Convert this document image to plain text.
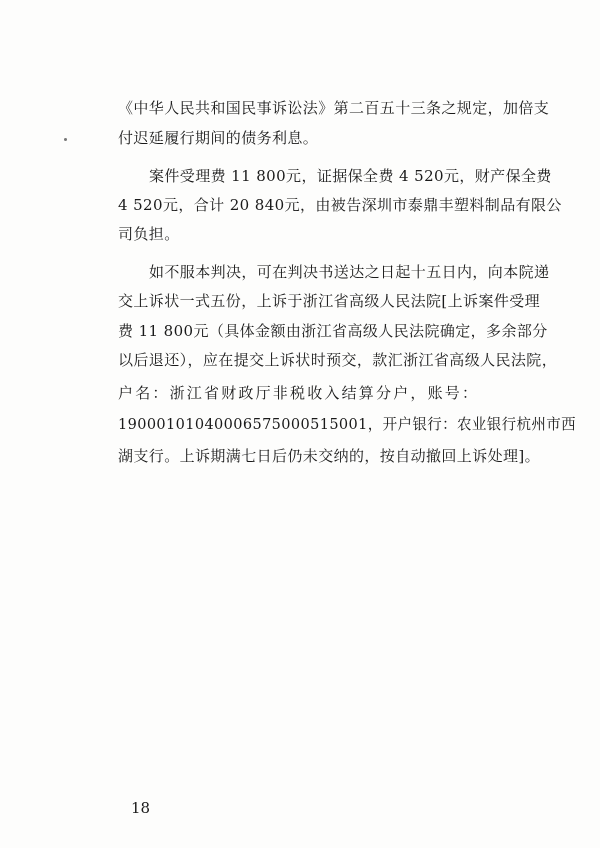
《中华人民共和国民事诉讼法》第二百五十三条之规定，加倍支
付迟延履行期间的债务利息。
案件受理费 11 800元，证据保全费 4 520元，财产保全费
4 520元，合计 20 840元，由被告深圳市泰鼎丰塑料制品有限公
司负担。
如不服本判决，可在判决书送达之日起十五日内，向本院递
交上诉状一式五份，上诉于浙江省高级人民法院[上诉案件受理
费 11 800元（具体金额由浙江省高级人民法院确定，多余部分
以后退还），应在提交上诉状时预交，款汇浙江省高级人民法院，
户名：浙江省财政厅非税收入结算分户，账号：
19000101040006575000515001，开户银行：农业银行杭州市西
湖支行。上诉期满七日后仍未交纳的，按自动撤回上诉处理]。
18
